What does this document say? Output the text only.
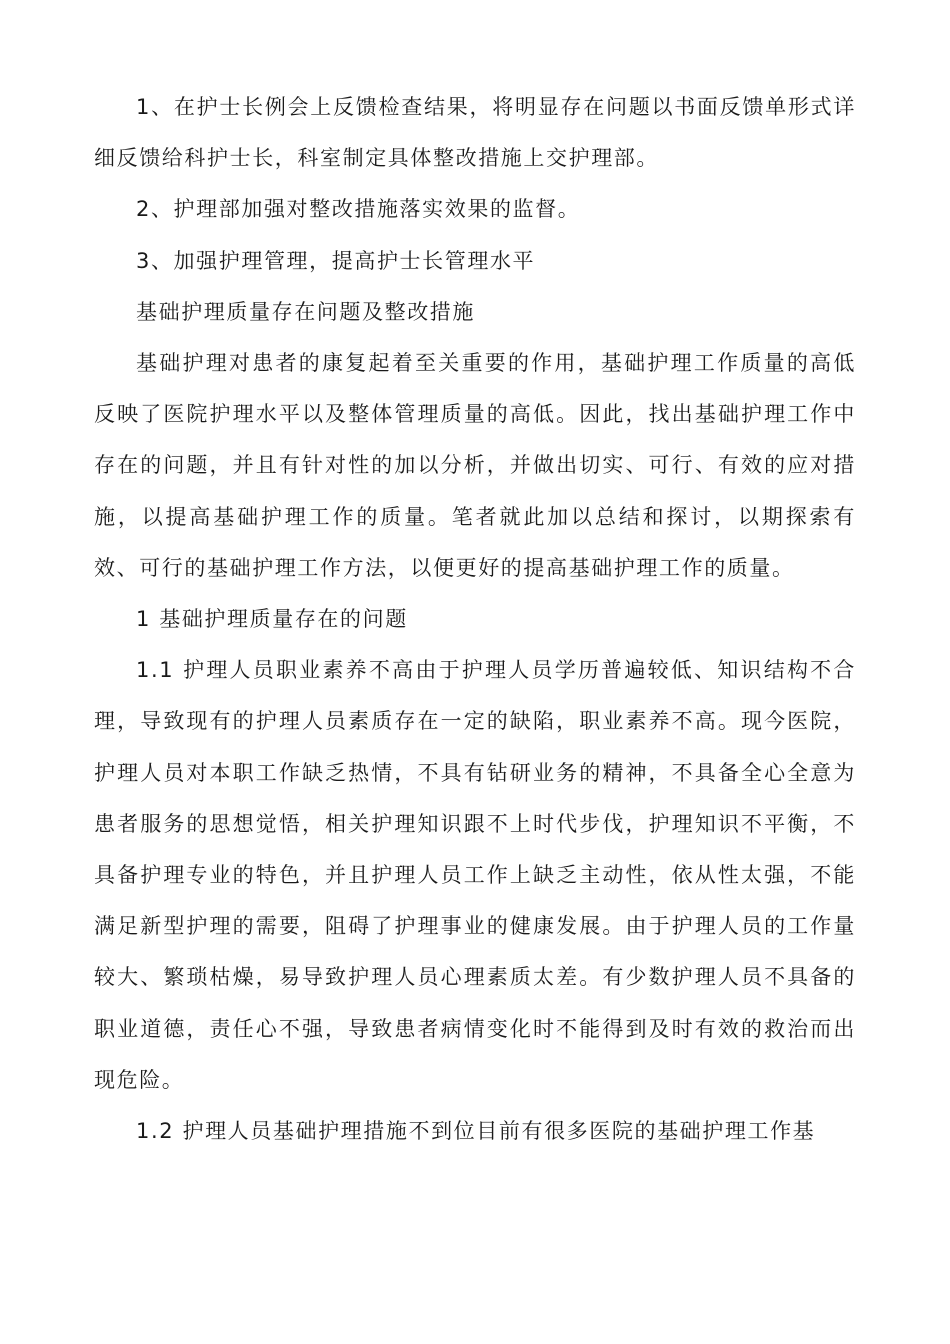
1、在护士长例会上反馈检查结果，将明显存在问题以书面反馈单形式详细反馈给科护士长，科室制定具体整改措施上交护理部。

2、护理部加强对整改措施落实效果的监督。

3、加强护理管理，提高护士长管理水平

基础护理质量存在问题及整改措施

基础护理对患者的康复起着至关重要的作用，基础护理工作质量的高低反映了医院护理水平以及整体管理质量的高低。因此，找出基础护理工作中存在的问题，并且有针对性的加以分析，并做出切实、可行、有效的应对措施，以提高基础护理工作的质量。笔者就此加以总结和探讨，以期探索有效、可行的基础护理工作方法，以便更好的提高基础护理工作的质量。

1 基础护理质量存在的问题

1.1 护理人员职业素养不高由于护理人员学历普遍较低、知识结构不合理，导致现有的护理人员素质存在一定的缺陷，职业素养不高。现今医院，护理人员对本职工作缺乏热情，不具有钻研业务的精神，不具备全心全意为患者服务的思想觉悟，相关护理知识跟不上时代步伐，护理知识不平衡，不具备护理专业的特色，并且护理人员工作上缺乏主动性，依从性太强，不能满足新型护理的需要，阻碍了护理事业的健康发展。由于护理人员的工作量较大、繁琐枯燥，易导致护理人员心理素质太差。有少数护理人员不具备的职业道德，责任心不强，导致患者病情变化时不能得到及时有效的救治而出现危险。

1.2 护理人员基础护理措施不到位目前有很多医院的基础护理工作基
